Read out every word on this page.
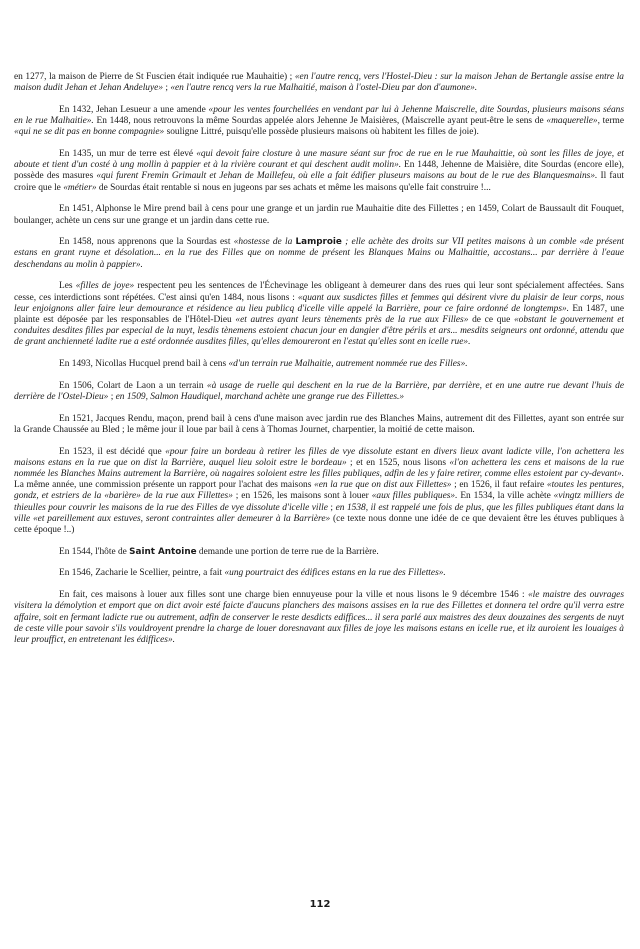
en 1277, la maison de Pierre de St Fuscien était indiquée rue Mauhaitie) ; «en l'autre rencq, vers l'Hostel-Dieu : sur la maison Jehan de Bertangle assise entre la maison dudit Jehan et Jehan Andeluye» ; «en l'autre rencq vers la rue Malhaitié, maison à l'ostel-Dieu par don d'aumone».

En 1432, Jehan Lesueur a une amende «pour les ventes fourchellées en vendant par lui à Jehenne Maiscrelle, dite Sourdas, plusieurs maisons séans en le rue Malhaitie». En 1448, nous retrouvons la même Sourdas appelée alors Jehenne Je Maisières, (Maiscrelle ayant peut-être le sens de «maquerelle», terme «qui ne se dit pas en bonne compagnie» souligne Littré, puisqu'elle possède plusieurs maisons où habitent les filles de joie).

En 1435, un mur de terre est élevé «qui devoit faire closture à une masure séant sur froc de rue en le rue Mauhaittie, où sont les filles de joye, et aboute et tient d'un costé à ung mollin à pappier et à la rivière courant et qui deschent audit molin». En 1448, Jehenne de Maisière, dite Sourdas (encore elle), possède des masures «qui furent Fremin Grimault et Jehan de Maillefeu, où elle a fait édifier pluseurs maisons au bout de le rue des Blanquesmains». Il faut croire que le «métier» de Sourdas était rentable si nous en jugeons par ses achats et même les maisons qu'elle fait construire !...

En 1451, Alphonse le Mire prend bail à cens pour une grange et un jardin rue Mauhaitie dite des Fillettes ; en 1459, Colart de Baussault dit Fouquet, boulanger, achète un cens sur une grange et un jardin dans cette rue.

En 1458, nous apprenons que la Sourdas est «hostesse de la Lamproie ; elle achète des droits sur VII petites maisons à un comble «de présent estans en grant ruyne et désolation... en la rue des Filles que on nomme de présent les Blanques Mains ou Malhaittie, accostans... par derrière à l'eaue deschendans au molin à pappier».

Les «filles de joye» respectent peu les sentences de l'Échevinage les obligeant à demeurer dans des rues qui leur sont spécialement affectées. Sans cesse, ces interdictions sont répétées. C'est ainsi qu'en 1484, nous lisons : «quant aux susdictes filles et femmes qui désirent vivre du plaisir de leur corps, nous leur enjoignons aller faire leur demourance et résidence au lieu publicq d'icelle ville appelé la Barrière, pour ce faire ordonné de longtemps». En 1487, une plainte est déposée par les responsables de l'Hôtel-Dieu «et autres ayant leurs tènements près de la rue aux Filles» de ce que «obstant le gouvernement et conduites desdites filles par especial de la nuyt, lesdis tènemens estoient chacun jour en dangier d'être périls et ars... mesdits seigneurs ont ordonné, attendu que de grant anchienneté ladite rue a esté ordonnée ausdites filles, qu'elles demoureront en l'estat qu'elles sont en icelle rue».

En 1493, Nicollas Hucquel prend bail à cens «d'un terrain rue Malhaitie, autrement nommée rue des Filles».

En 1506, Colart de Laon a un terrain «à usage de ruelle qui deschent en la rue de la Barrière, par derrière, et en une autre rue devant l'huis de derrière de l'Ostel-Dieu» ; en 1509, Salmon Haudiquel, marchand achète une grange rue des Fillettes.»

En 1521, Jacques Rendu, maçon, prend bail à cens d'une maison avec jardin rue des Blanches Mains, autrement dit des Fillettes, ayant son entrée sur la Grande Chaussée au Bled ; le même jour il loue par bail à cens à Thomas Journet, charpentier, la moitié de cette maison.

En 1523, il est décidé que «pour faire un bordeau à retirer les filles de vye dissolute estant en divers lieux avant ladicte ville, l'on achettera les maisons estans en la rue que on dist la Barrière, auquel lieu soloit estre le bordeau» ; et en 1525, nous lisons «l'on achettera les cens et maisons de la rue nommée les Blanches Mains autrement la Barrière, où nagaires soloient estre les filles publiques, adfin de les y faire retirer, comme elles estoient par cy-devant». La même année, une commission présente un rapport pour l'achat des maisons «en la rue que on dist aux Fillettes» ; en 1526, il faut refaire «toutes les pentures, gondz, et estriers de la «barière» de la rue aux Fillettes» ; en 1526, les maisons sont à louer «aux filles publiques». En 1534, la ville achète «vingtz milliers de thieulles pour couvrir les maisons de la rue des Filles de vye dissolute d'icelle ville ; en 1538, il est rappelé une fois de plus, que les filles publiques étant dans la ville «et pareillement aux estuves, seront contraintes aller demeurer à la Barrière» (ce texte nous donne une idée de ce que devaient être les étuves publiques à cette époque !..)

En 1544, l'hôte de Saint Antoine demande une portion de terre rue de la Barrière.

En 1546, Zacharie le Scellier, peintre, a fait «ung pourtraict des édifices estans en la rue des Fillettes».

En fait, ces maisons à louer aux filles sont une charge bien ennuyeuse pour la ville et nous lisons le 9 décembre 1546 : «le maistre des ouvrages visitera la démolytion et emport que on dict avoir esté faicte d'aucuns planchers des maisons assises en la rue des Fillettes et donnera tel ordre qu'il verra estre affaire, soit en fermant ladicte rue ou autrement, adfin de conserver le reste desdicts ediffices... il sera parlé aux maistres des deux douzaines des sergents de nuyt de ceste ville pour savoir s'ils vouldroyent prendre la charge de louer doresnavant aux filles de joye les maisons estans en icelle rue, et ilz auroient les louaiges à leur prouffict, en entretenant les édiffices».

112
